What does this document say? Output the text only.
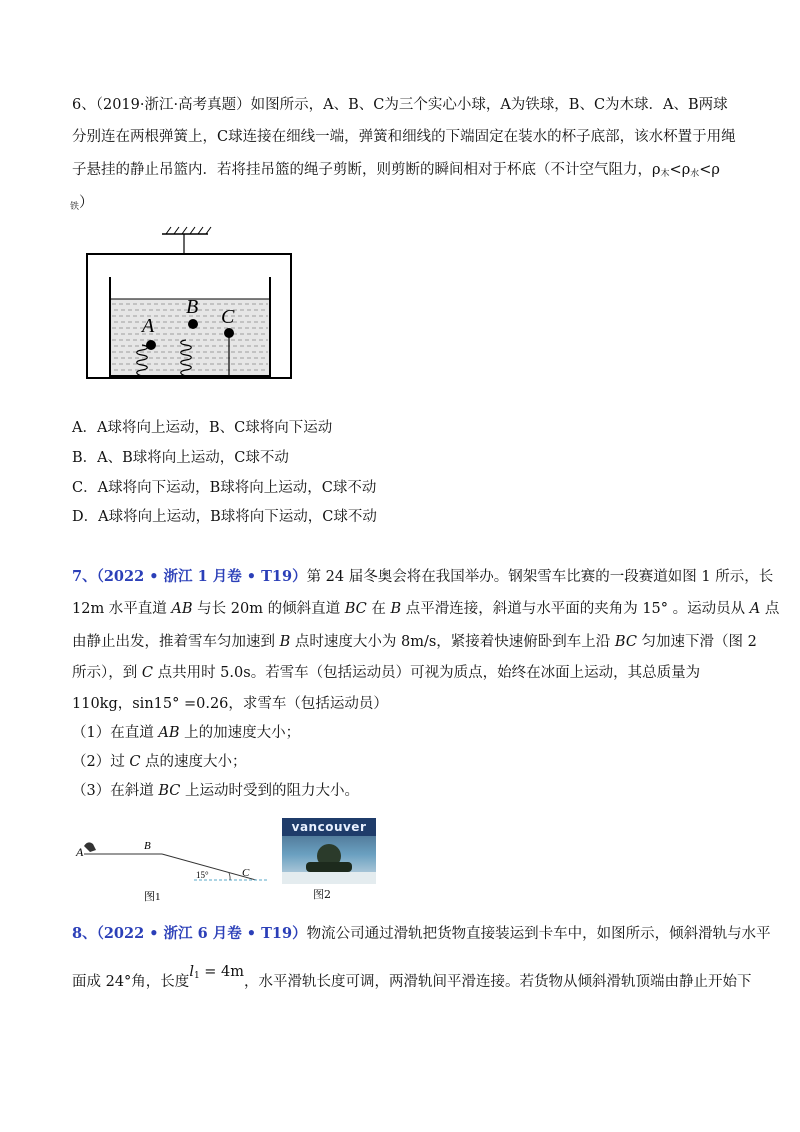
6、（2019·浙江·高考真题）如图所示，A、B、C为三个实心小球，A为铁球，B、C为木球．A、B两球
分别连在两根弹簧上，C球连接在细线一端，弹簧和细线的下端固定在装水的杯子底部，该水杯置于用绳
子悬挂的静止吊篮内．若将挂吊篮的绳子剪断，则剪断的瞬间相对于杯底（不计空气阻力，$\rho_木<\rho_水<\rho$
$_铁$）
A
B C
A．A球将向上运动，B、C球将向下运动
B．A、B球将向上运动，C球不动
C．A球将向下运动，B球将向上运动，C球不动
D．A球将向上运动，B球将向下运动，C球不动
7、（2022 • 浙江 1 月卷 • T19）第 24 届冬奥会将在我国举办。钢架雪车比赛的一段赛道如图 1 所示，长
12m 水平直道 AB 与长 20m 的倾斜直道 BC 在 B 点平滑连接，斜道与水平面的夹角为 15° 。运动员从 A 点
由静止出发，推着雪车匀加速到 B 点时速度大小为 8m/s，紧接着快速俯卧到车上沿 BC 匀加速下滑（图 2
所示），到 C 点共用时 5.0s。若雪车（包括运动员）可视为质点，始终在冰面上运动，其总质量为
110kg，sin15° =0.26，求雪车（包括运动员）
（1）在直道 AB 上的加速度大小；
（2）过 C 点的速度大小；
（3）在斜道 BC 上运动时受到的阻力大小。
A	B
15°	C
图1
vancouver
图2
8、（2022 • 浙江 6 月卷 • T19）物流公司通过滑轨把货物直接装运到卡车中，如图所示，倾斜滑轨与水平
面成 24°角，长度$l_1 = 4m$，水平滑轨长度可调，两滑轨间平滑连接。若货物从倾斜滑轨顶端由静止开始下
